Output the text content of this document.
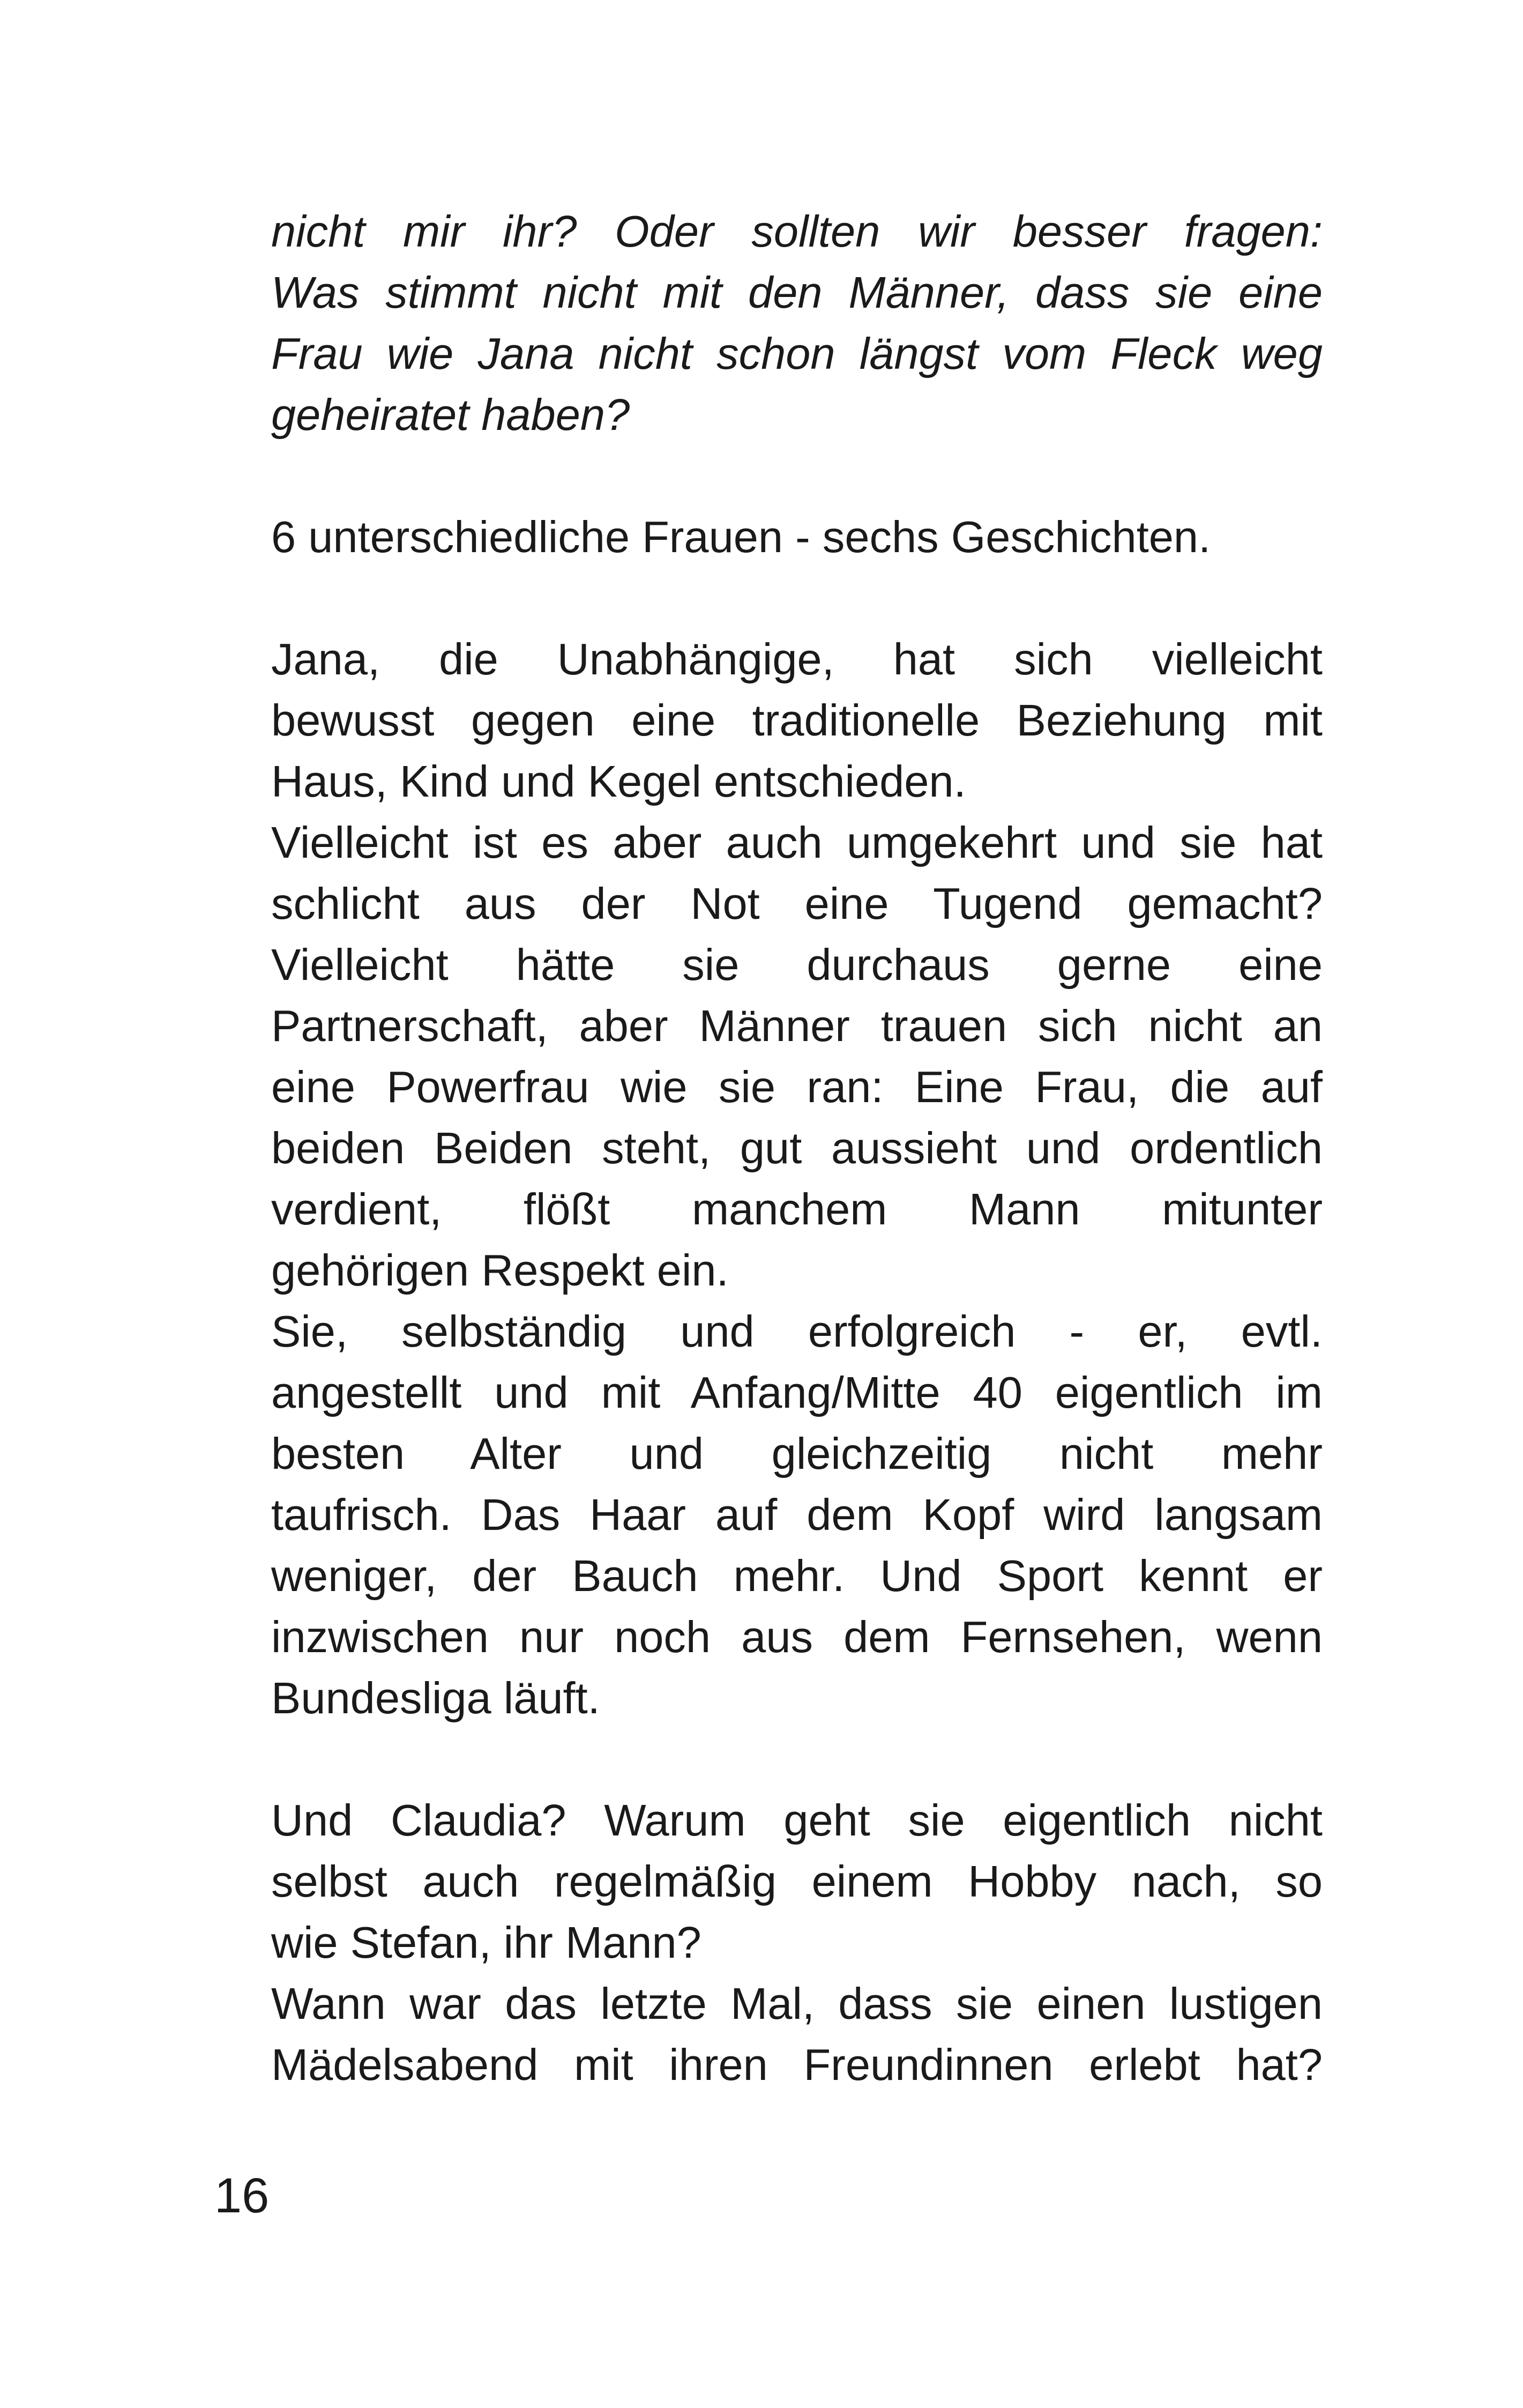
nicht mir ihr? Oder sollten wir besser fragen:
Was stimmt nicht mit den Männer, dass sie eine
Frau wie Jana nicht schon längst vom Fleck weg
geheiratet haben?
6 unterschiedliche Frauen - sechs Geschichten.
Jana, die Unabhängige, hat sich vielleicht
bewusst gegen eine traditionelle Beziehung mit
Haus, Kind und Kegel entschieden.
Vielleicht ist es aber auch umgekehrt und sie hat
schlicht aus der Not eine Tugend gemacht?
Vielleicht hätte sie durchaus gerne eine
Partnerschaft, aber Männer trauen sich nicht an
eine Powerfrau wie sie ran: Eine Frau, die auf
beiden Beiden steht, gut aussieht und ordentlich
verdient, flößt manchem Mann mitunter
gehörigen Respekt ein.
Sie, selbständig und erfolgreich - er, evtl.
angestellt und mit Anfang/Mitte 40 eigentlich im
besten Alter und gleichzeitig nicht mehr
taufrisch. Das Haar auf dem Kopf wird langsam
weniger, der Bauch mehr. Und Sport kennt er
inzwischen nur noch aus dem Fernsehen, wenn
Bundesliga läuft.
Und Claudia? Warum geht sie eigentlich nicht
selbst auch regelmäßig einem Hobby nach, so
wie Stefan, ihr Mann?
Wann war das letzte Mal, dass sie einen lustigen
Mädelsabend mit ihren Freundinnen erlebt hat?
16
